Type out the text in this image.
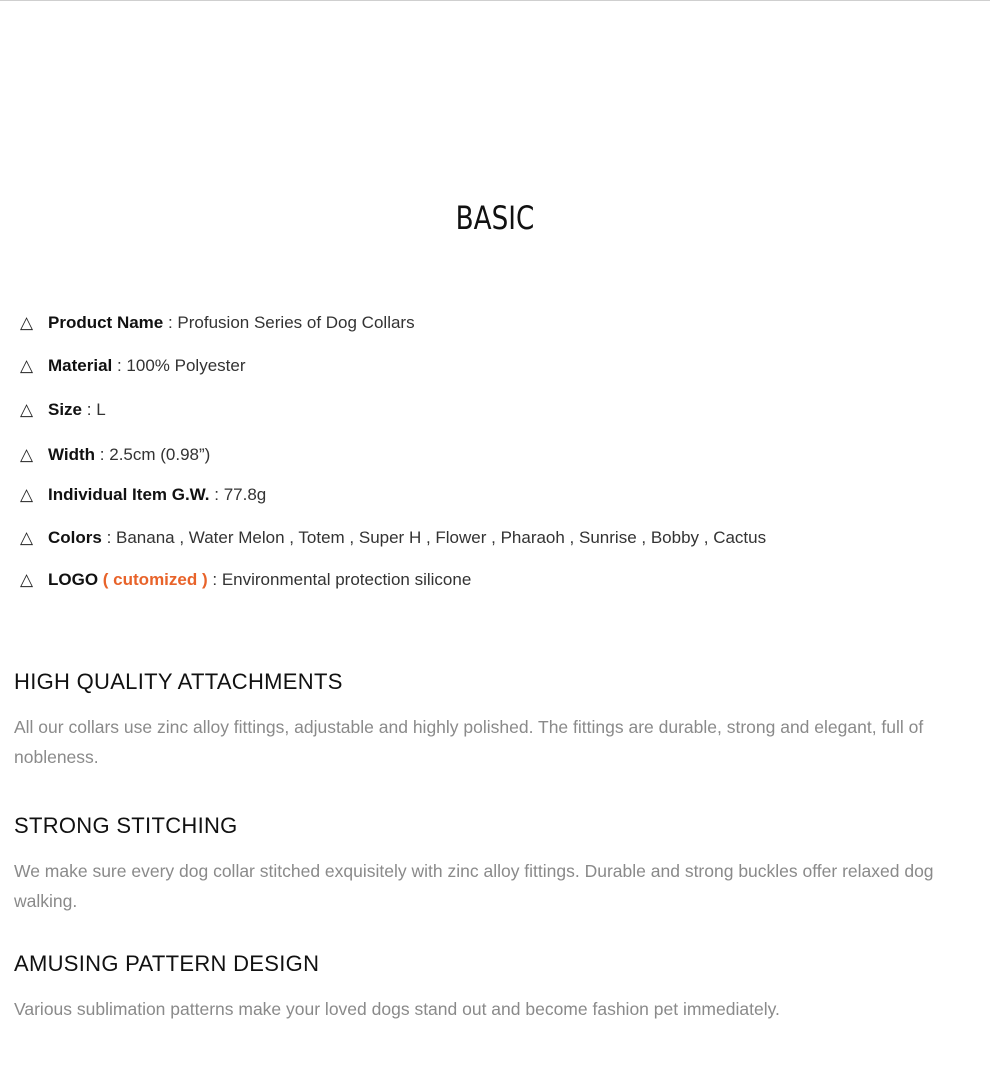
BASIC
△ Product Name : Profusion Series of Dog Collars
△ Material : 100% Polyester
△ Size : L
△ Width : 2.5cm (0.98”)
△ Individual Item G.W. : 77.8g
△ Colors : Banana , Water Melon , Totem , Super H , Flower , Pharaoh , Sunrise , Bobby , Cactus
△ LOGO ( cutomized ) : Environmental protection silicone
HIGH QUALITY ATTACHMENTS

All our collars use zinc alloy fittings, adjustable and highly polished. The fittings are durable, strong and elegant, full of nobleness.

STRONG STITCHING

We make sure every dog collar stitched exquisitely with zinc alloy fittings. Durable and strong buckles offer relaxed dog walking.

AMUSING PATTERN DESIGN

Various sublimation patterns make your loved dogs stand out and become fashion pet immediately.
